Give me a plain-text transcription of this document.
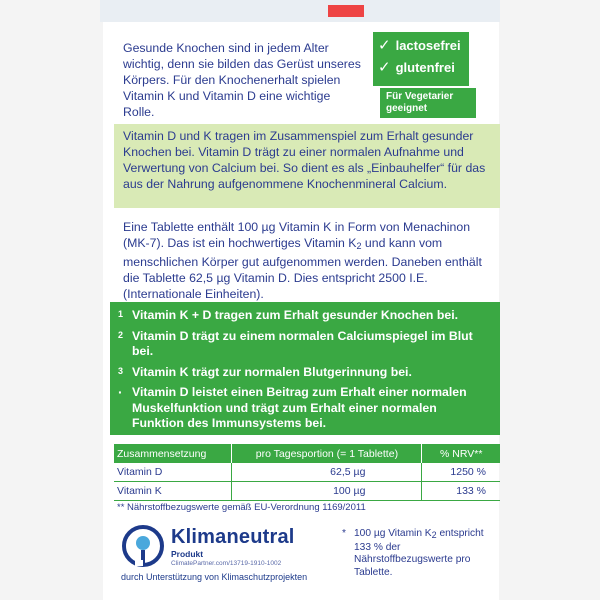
Gesunde Knochen sind in jedem Alter wichtig, denn sie bilden das Gerüst unseres Körpers. Für den Knochenerhalt spielen Vitamin K und Vitamin D eine wichtige Rolle.
✓ lactosefrei
✓ glutenfrei
Für Vegetarier geeignet
Vitamin D und K tragen im Zusammenspiel zum Erhalt gesunder Knochen bei. Vitamin D trägt zu einer normalen Aufnahme und Verwertung von Calcium bei. So dient es als „Einbauhelfer“ für das aus der Nahrung aufgenommene Knochenmineral Calcium.
Eine Tablette enthält 100 µg Vitamin K in Form von Menachinon (MK-7). Das ist ein hochwertiges Vitamin $K_2$ und kann vom menschlichen Körper gut aufgenommen werden. Daneben enthält die Tablette 62,5 µg Vitamin D. Dies entspricht 2500 I.E. (Internationale Einheiten).
1 Vitamin K + D tragen zum Erhalt gesunder Knochen bei.
2 Vitamin D trägt zu einem normalen Calciumspiegel im Blut bei.
3 Vitamin K trägt zur normalen Blutgerinnung bei.
· Vitamin D leistet einen Beitrag zum Erhalt einer normalen Muskelfunktion und trägt zum Erhalt einer normalen Funktion des Immunsystems bei.
Zusammensetzung	pro Tagesportion (= 1 Tablette)	% NRV**
Vitamin D	62,5 µg	1250 %
Vitamin K	100 µg	133 %
** Nährstoffbezugswerte gemäß EU-Verordnung 1169/2011
Klimaneutral
Produkt
ClimatePartner.com/13719-1910-1002
durch Unterstützung von Klimaschutzprojekten
* 100 µg Vitamin K2 entspricht 133 % der Nährstoffbezugswerte pro Tablette.
